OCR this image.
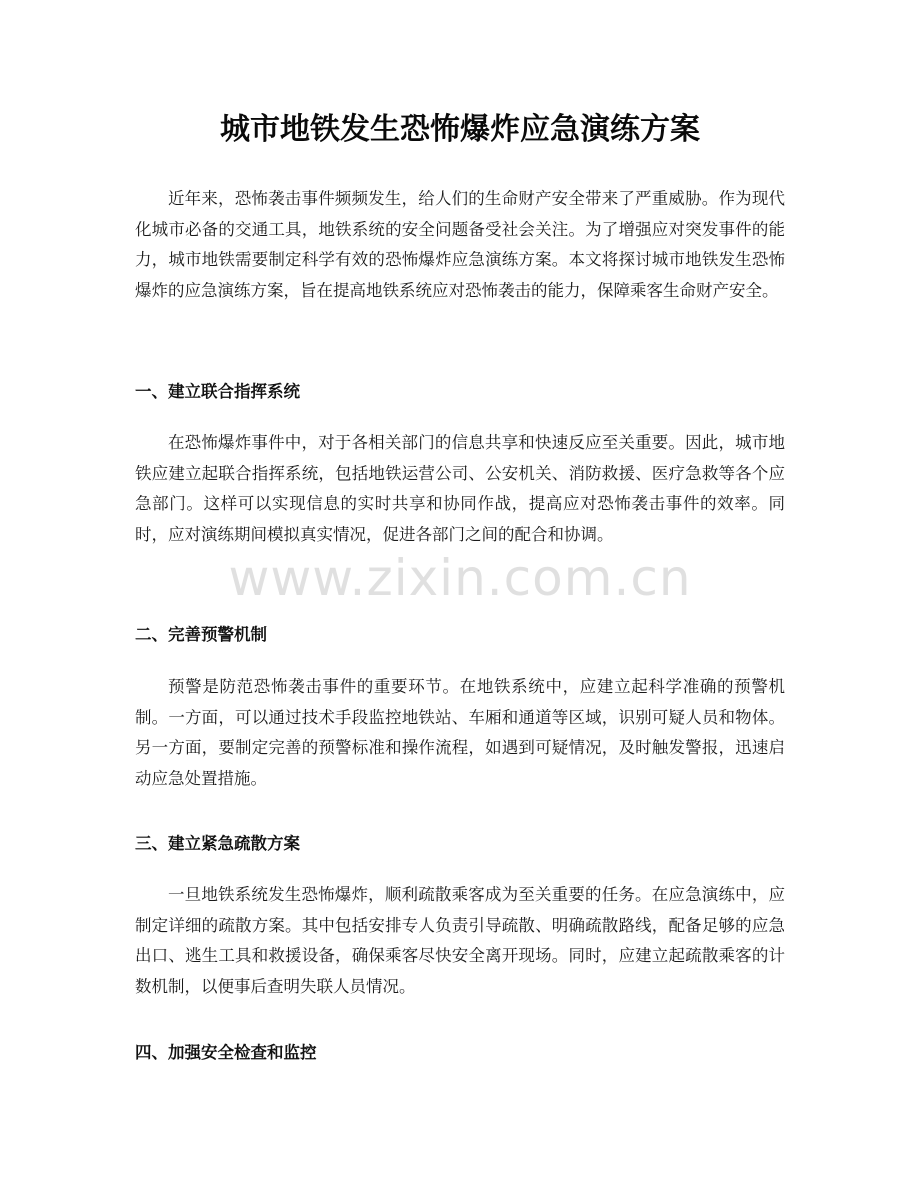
城市地铁发生恐怖爆炸应急演练方案

近年来，恐怖袭击事件频频发生，给人们的生命财产安全带来了严重威胁。作为现代化城市必备的交通工具，地铁系统的安全问题备受社会关注。为了增强应对突发事件的能力，城市地铁需要制定科学有效的恐怖爆炸应急演练方案。本文将探讨城市地铁发生恐怖爆炸的应急演练方案，旨在提高地铁系统应对恐怖袭击的能力，保障乘客生命财产安全。

一、建立联合指挥系统

在恐怖爆炸事件中，对于各相关部门的信息共享和快速反应至关重要。因此，城市地铁应建立起联合指挥系统，包括地铁运营公司、公安机关、消防救援、医疗急救等各个应急部门。这样可以实现信息的实时共享和协同作战，提高应对恐怖袭击事件的效率。同时，应对演练期间模拟真实情况，促进各部门之间的配合和协调。

二、完善预警机制

预警是防范恐怖袭击事件的重要环节。在地铁系统中，应建立起科学准确的预警机制。一方面，可以通过技术手段监控地铁站、车厢和通道等区域，识别可疑人员和物体。另一方面，要制定完善的预警标准和操作流程，如遇到可疑情况，及时触发警报，迅速启动应急处置措施。

三、建立紧急疏散方案

一旦地铁系统发生恐怖爆炸，顺利疏散乘客成为至关重要的任务。在应急演练中，应制定详细的疏散方案。其中包括安排专人负责引导疏散、明确疏散路线，配备足够的应急出口、逃生工具和救援设备，确保乘客尽快安全离开现场。同时，应建立起疏散乘客的计数机制，以便事后查明失联人员情况。

四、加强安全检查和监控
www.zixin.com.cn
